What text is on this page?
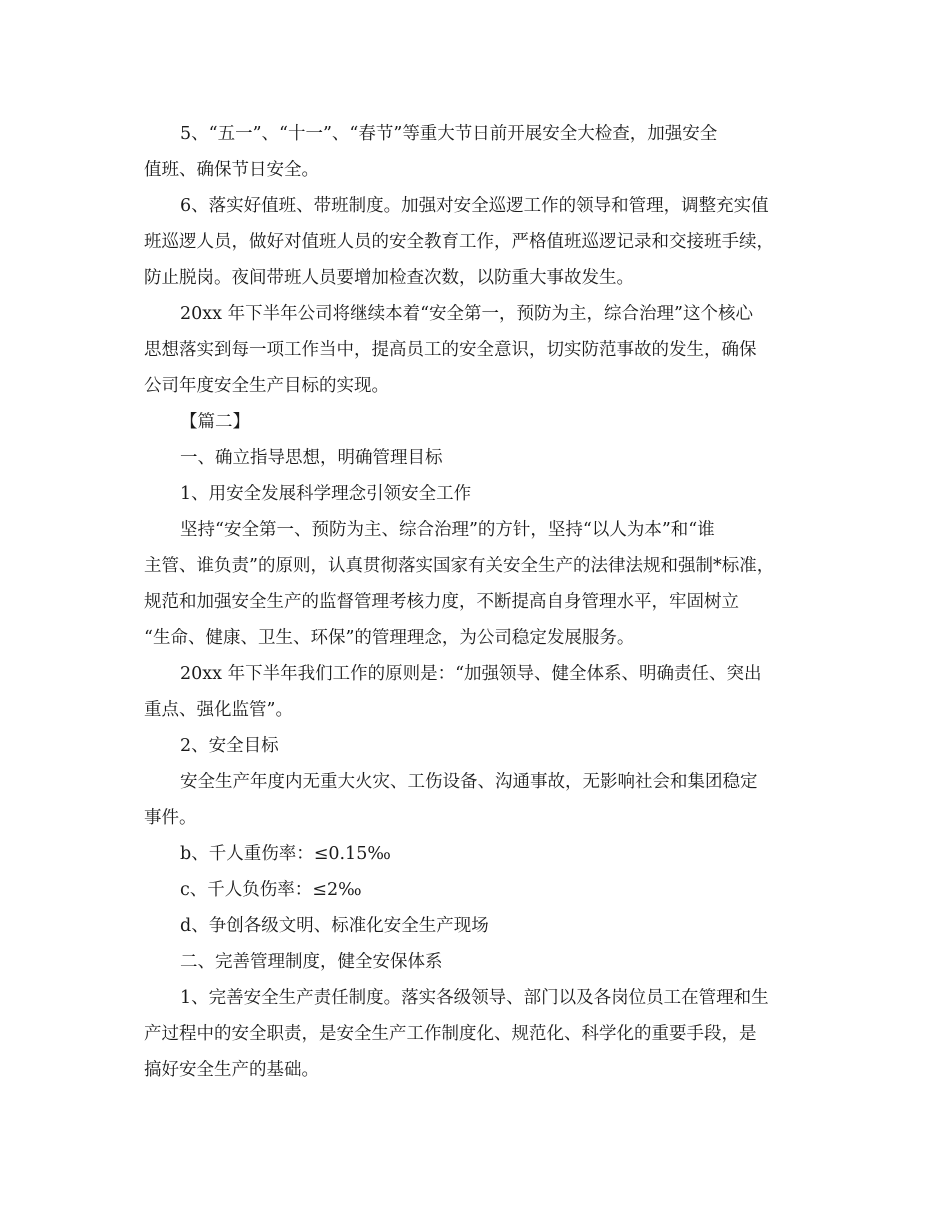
5、“五一”、“十一”、“春节”等重大节日前开展安全大检查，加强安全
值班、确保节日安全。

6、落实好值班、带班制度。加强对安全巡逻工作的领导和管理，调整充实值
班巡逻人员，做好对值班人员的安全教育工作，严格值班巡逻记录和交接班手续，
防止脱岗。夜间带班人员要增加检查次数，以防重大事故发生。

20xx 年下半年公司将继续本着“安全第一，预防为主，综合治理”这个核心
思想落实到每一项工作当中，提高员工的安全意识，切实防范事故的发生，确保
公司年度安全生产目标的实现。

【篇二】

一、确立指导思想，明确管理目标

1、用安全发展科学理念引领安全工作

坚持“安全第一、预防为主、综合治理”的方针，坚持“以人为本”和“谁
主管、谁负责”的原则，认真贯彻落实国家有关安全生产的法律法规和强制*标准，
规范和加强安全生产的监督管理考核力度，不断提高自身管理水平，牢固树立
“生命、健康、卫生、环保”的管理理念，为公司稳定发展服务。

20xx 年下半年我们工作的原则是：“加强领导、健全体系、明确责任、突出
重点、强化监管”。

2、安全目标

安全生产年度内无重大火灾、工伤设备、沟通事故，无影响社会和集团稳定
事件。

b、千人重伤率：≤0.15‰

c、千人负伤率：≤2‰

d、争创各级文明、标准化安全生产现场

二、完善管理制度，健全安保体系

1、完善安全生产责任制度。落实各级领导、部门以及各岗位员工在管理和生
产过程中的安全职责，是安全生产工作制度化、规范化、科学化的重要手段，是
搞好安全生产的基础。
